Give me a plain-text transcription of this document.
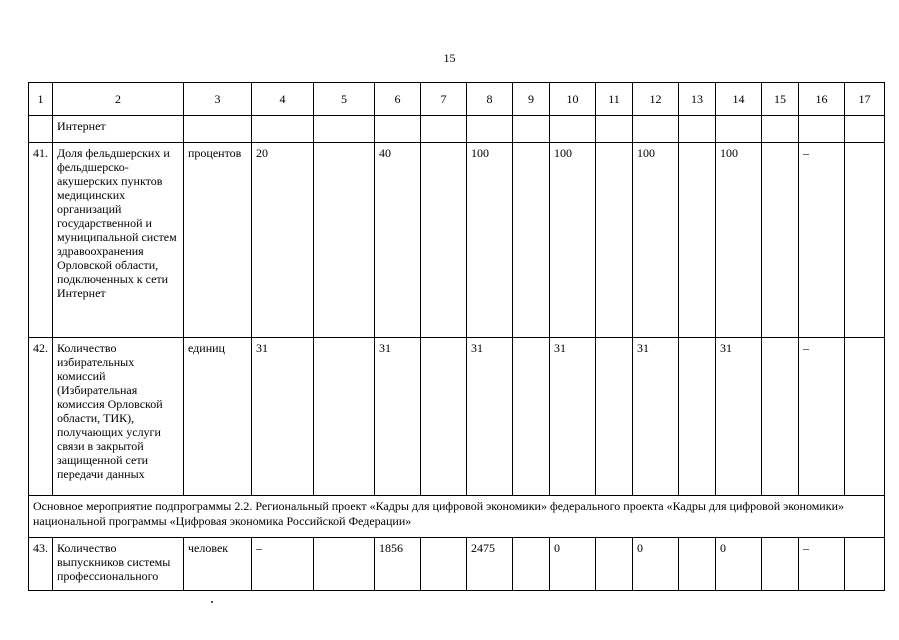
15
1	2	3	4	5	6	7	8	9	10	11	12	13	14	15	16	17
	Интернет															
41.	Доля фельдшерских и фельдшерско-акушерских пунктов медицинских организаций государственной и муниципальной систем здравоохранения Орловской области, подключенных к сети Интернет	процентов	20		40		100		100		100		100		–	
42.	Количество избирательных комиссий (Избирательная комиссия Орловской области, ТИК), получающих услуги связи в закрытой защищенной сети передачи данных	единиц	31		31		31		31		31		31		–	
Основное мероприятие подпрограммы 2.2. Региональный проект «Кадры для цифровой экономики» федерального проекта «Кадры для цифровой экономики» национальной программы «Цифровая экономика Российской Федерации»																
43.	Количество выпускников системы профессионального	человек	–		1856		2475		0		0		0		–	
